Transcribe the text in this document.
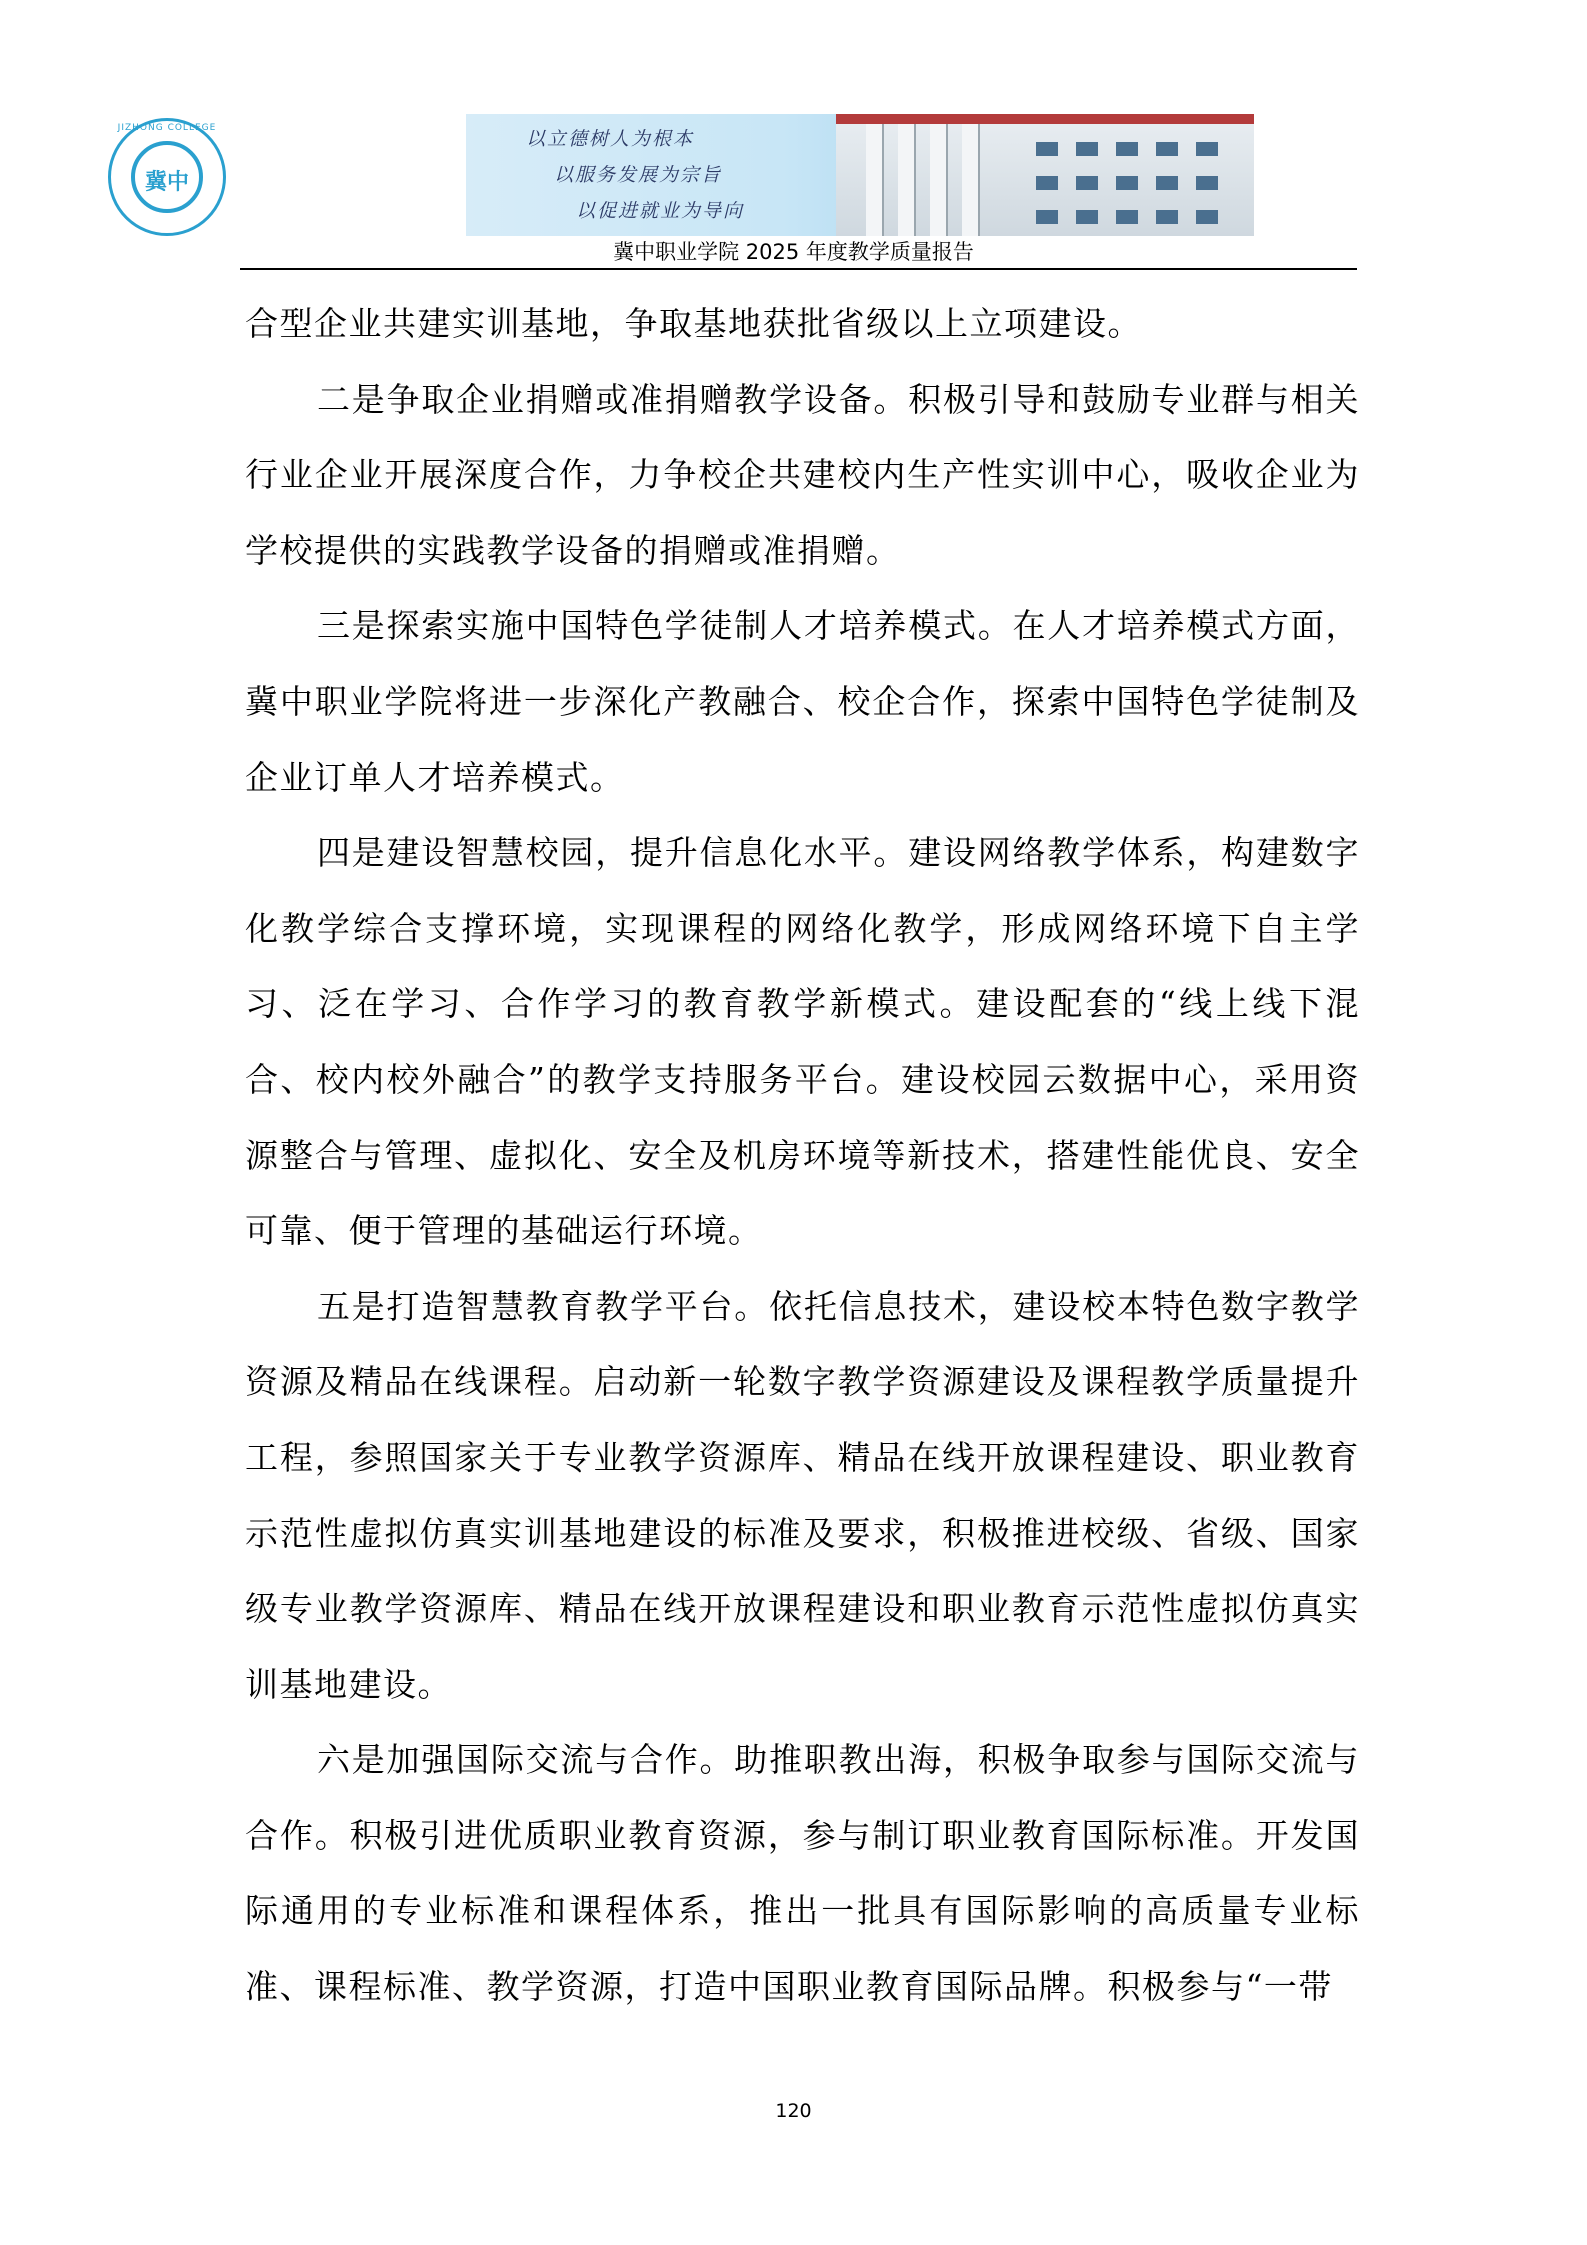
JIZHONG COLLEGE
冀中
以立德树人为根本
以服务发展为宗旨
以促进就业为导向
冀中职业学院 2025 年度教学质量报告

合型企业共建实训基地，争取基地获批省级以上立项建设。

二是争取企业捐赠或准捐赠教学设备。积极引导和鼓励专业群与相关行业企业开展深度合作，力争校企共建校内生产性实训中心，吸收企业为学校提供的实践教学设备的捐赠或准捐赠。

三是探索实施中国特色学徒制人才培养模式。在人才培养模式方面，冀中职业学院将进一步深化产教融合、校企合作，探索中国特色学徒制及企业订单人才培养模式。

四是建设智慧校园，提升信息化水平。建设网络教学体系，构建数字化教学综合支撑环境，实现课程的网络化教学，形成网络环境下自主学习、泛在学习、合作学习的教育教学新模式。建设配套的“线上线下混合、校内校外融合”的教学支持服务平台。建设校园云数据中心，采用资源整合与管理、虚拟化、安全及机房环境等新技术，搭建性能优良、安全可靠、便于管理的基础运行环境。

五是打造智慧教育教学平台。依托信息技术，建设校本特色数字教学资源及精品在线课程。启动新一轮数字教学资源建设及课程教学质量提升工程，参照国家关于专业教学资源库、精品在线开放课程建设、职业教育示范性虚拟仿真实训基地建设的标准及要求，积极推进校级、省级、国家级专业教学资源库、精品在线开放课程建设和职业教育示范性虚拟仿真实训基地建设。

六是加强国际交流与合作。助推职教出海，积极争取参与国际交流与合作。积极引进优质职业教育资源，参与制订职业教育国际标准。开发国际通用的专业标准和课程体系，推出一批具有国际影响的高质量专业标准、课程标准、教学资源，打造中国职业教育国际品牌。积极参与“一带

120
